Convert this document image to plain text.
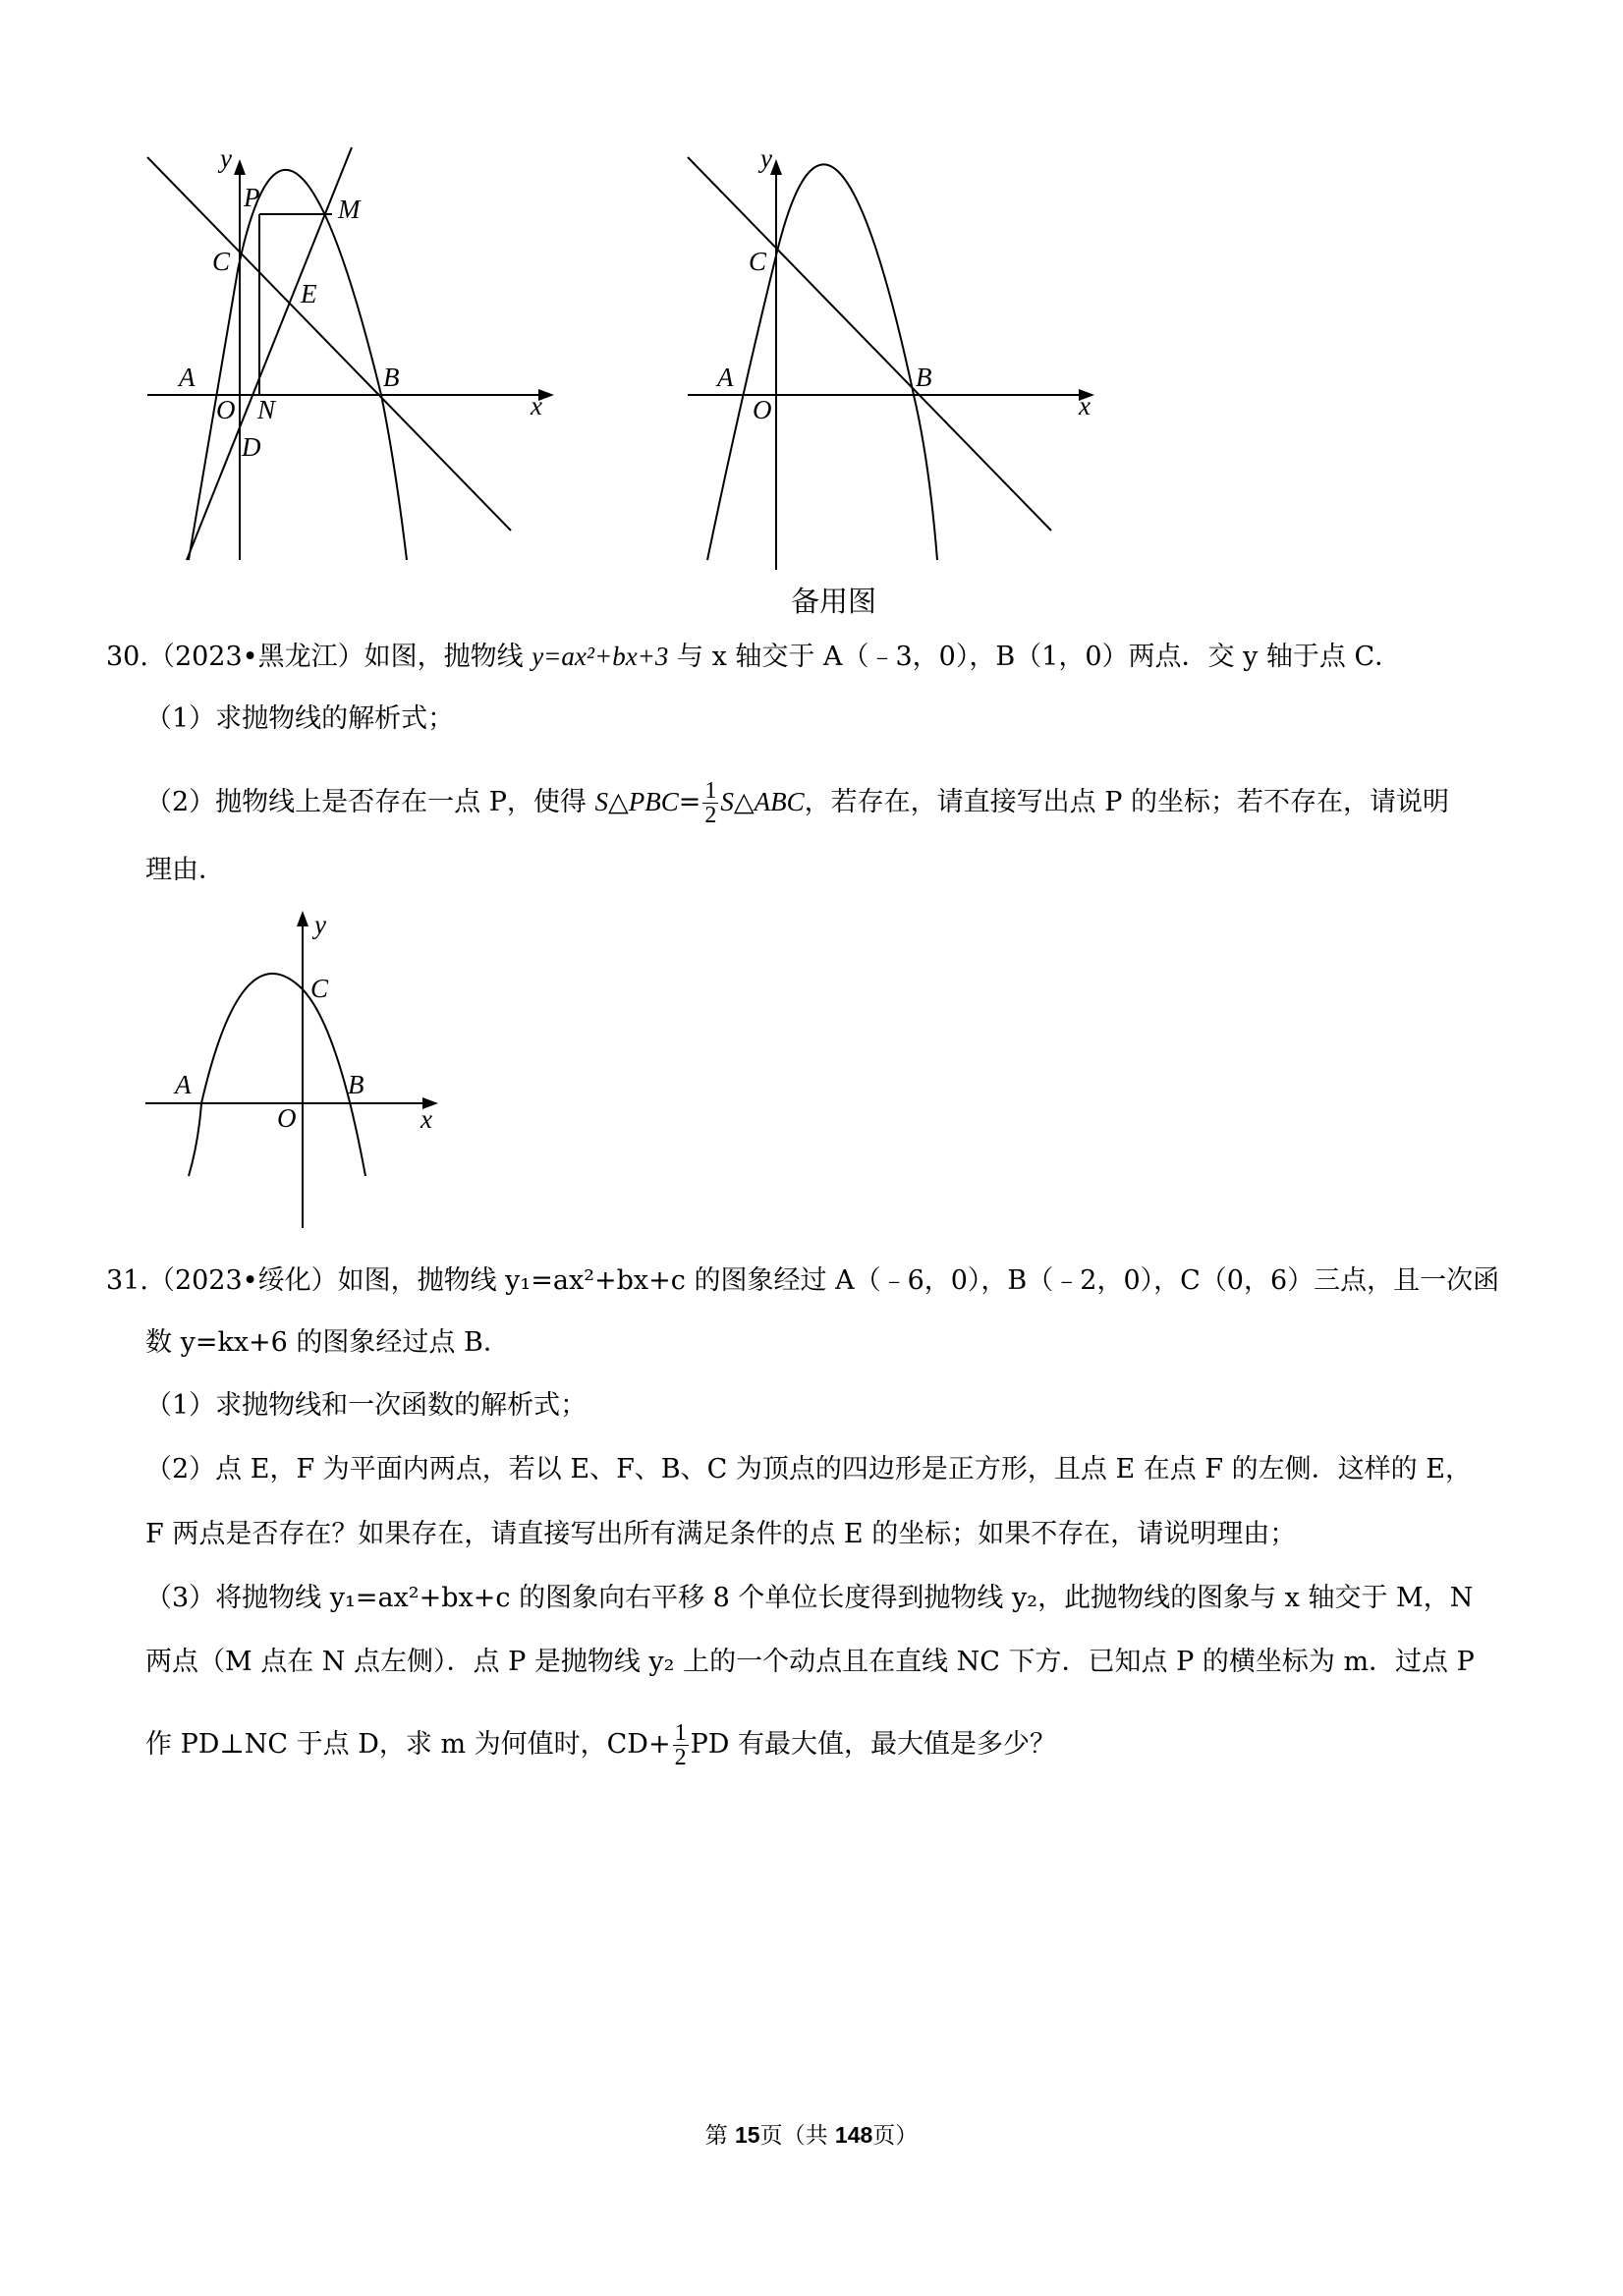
y
x
P	M
C
E
A
O N
B
D
y
x
C
A
O
B
备用图
30.（2023•黑龙江）如图，抛物线 y=ax²+bx+3 与 x 轴交于 A（﹣3，0），B（1，0）两点．交 y 轴于点 C．
（1）求抛物线的解析式；
（2）抛物线上是否存在一点 P，使得 S△PBC= $\frac{1}{2}$ S△ABC，若存在，请直接写出点 P 的坐标；若不存在，请说明
理由．
y
x
C
A
O
B
31.（2023•绥化）如图，抛物线 y₁=ax²+bx+c 的图象经过 A（﹣6，0），B（﹣2，0），C（0，6）三点，且一次函
数 y=kx+6 的图象经过点 B．
（1）求抛物线和一次函数的解析式；
（2）点 E，F 为平面内两点，若以 E、F、B、C 为顶点的四边形是正方形，且点 E 在点 F 的左侧．这样的 E，
F 两点是否存在？如果存在，请直接写出所有满足条件的点 E 的坐标；如果不存在，请说明理由；
（3）将抛物线 y₁=ax²+bx+c 的图象向右平移 8 个单位长度得到抛物线 y₂，此抛物线的图象与 x 轴交于 M，N
两点（M 点在 N 点左侧）．点 P 是抛物线 y₂ 上的一个动点且在直线 NC 下方．已知点 P 的横坐标为 m．过点 P
作 PD⊥NC 于点 D，求 m 为何值时，$CD+ \frac{1}{2}$ PD 有最大值，最大值是多少？
第 15页（共 148页）
